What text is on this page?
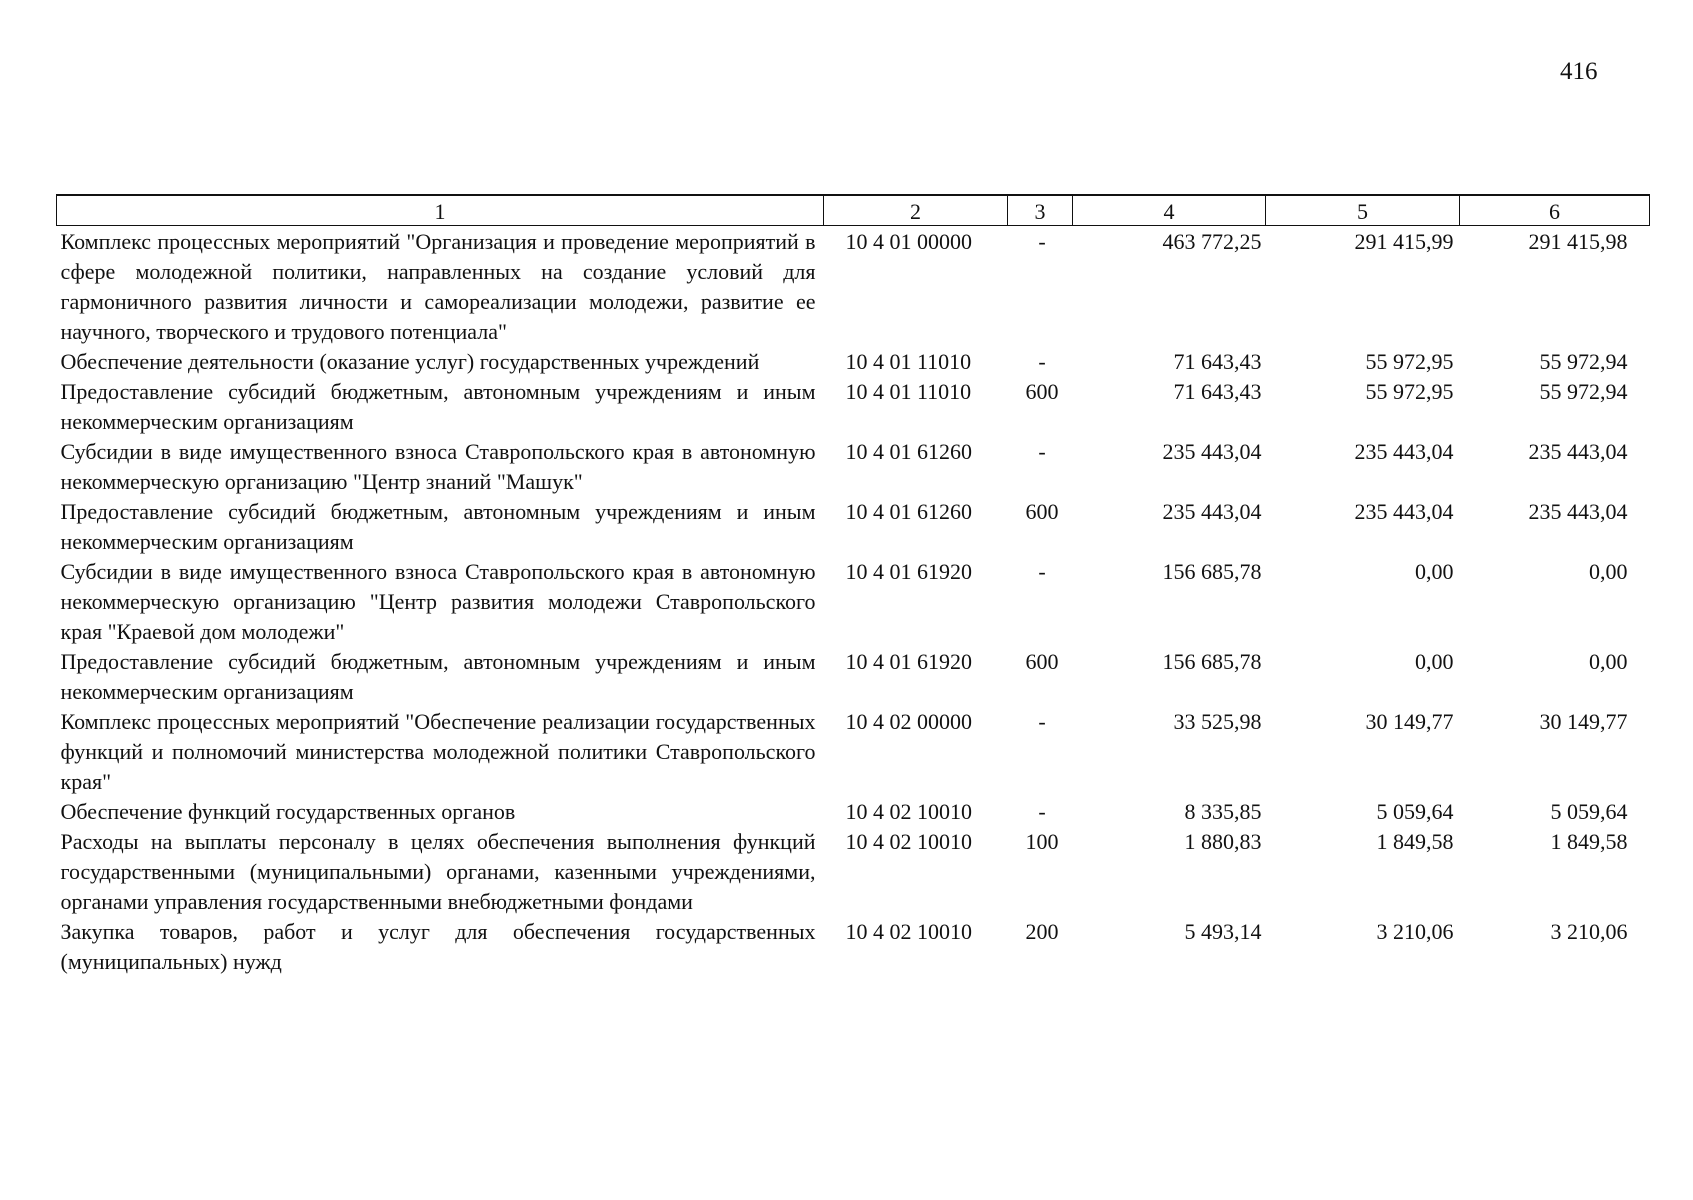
416
1	2	3	4	5	6
Комплекс процессных мероприятий "Организация и проведение мероприятий в сфере молодежной политики, направленных на создание условий для гармоничного развития личности и самореализации молодежи, развитие ее научного, творческого и трудового потенциала"	10 4 01 00000	-	463 772,25	291 415,99	291 415,98
Обеспечение деятельности (оказание услуг) государственных учреждений	10 4 01 11010	-	71 643,43	55 972,95	55 972,94
Предоставление субсидий бюджетным, автономным учреждениям и иным некоммерческим организациям	10 4 01 11010	600	71 643,43	55 972,95	55 972,94
Субсидии в виде имущественного взноса Ставропольского края в автономную некоммерческую организацию "Центр знаний "Машук"	10 4 01 61260	-	235 443,04	235 443,04	235 443,04
Предоставление субсидий бюджетным, автономным учреждениям и иным некоммерческим организациям	10 4 01 61260	600	235 443,04	235 443,04	235 443,04
Субсидии в виде имущественного взноса Ставропольского края в автономную некоммерческую организацию "Центр развития молодежи Ставропольского края "Краевой дом молодежи"	10 4 01 61920	-	156 685,78	0,00	0,00
Предоставление субсидий бюджетным, автономным учреждениям и иным некоммерческим организациям	10 4 01 61920	600	156 685,78	0,00	0,00
Комплекс процессных мероприятий "Обеспечение реализации государственных функций и полномочий министерства молодежной политики Ставропольского края"	10 4 02 00000	-	33 525,98	30 149,77	30 149,77
Обеспечение функций государственных органов	10 4 02 10010	-	8 335,85	5 059,64	5 059,64
Расходы на выплаты персоналу в целях обеспечения выполнения функций государственными (муниципальными) органами, казенными учреждениями, органами управления государственными внебюджетными фондами	10 4 02 10010	100	1 880,83	1 849,58	1 849,58
Закупка товаров, работ и услуг для обеспечения государственных (муниципальных) нужд	10 4 02 10010	200	5 493,14	3 210,06	3 210,06
